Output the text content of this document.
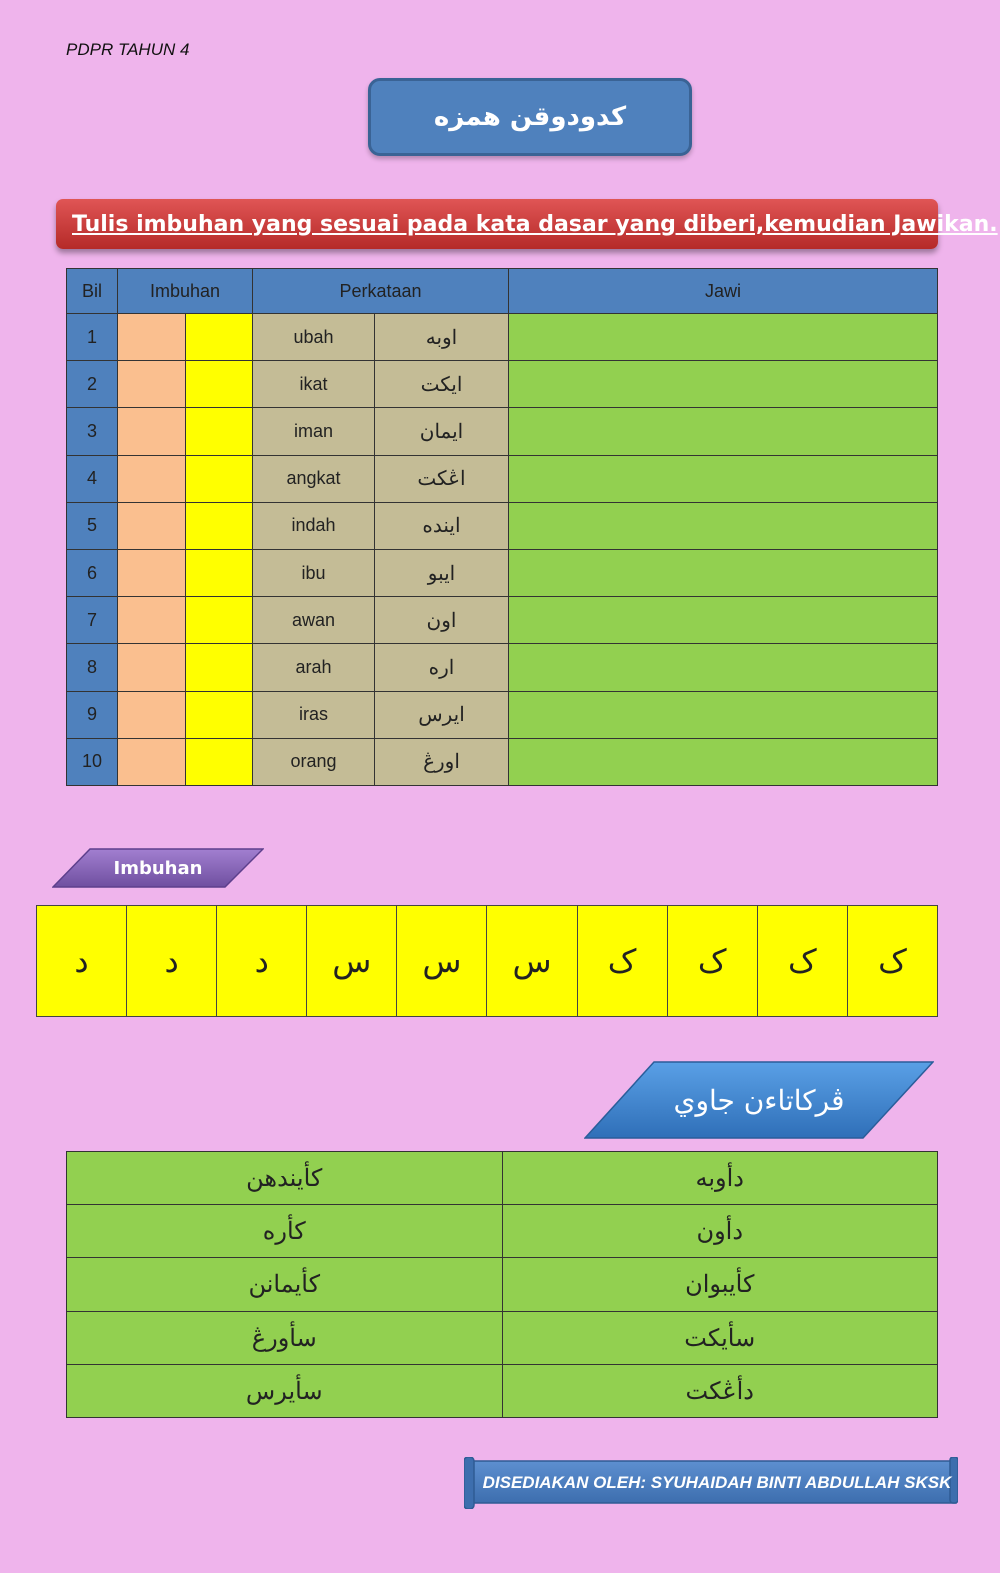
PDPR TAHUN 4
كدودوقن همزه
Tulis imbuhan yang sesuai pada kata dasar yang diberi,kemudian Jawikan.
Bil	Imbuhan		Perkataan		Jawi
1			ubah	اوبه	
2			ikat	ايكت	
3			iman	ايمان	
4			angkat	اڠكت	
5			indah	ايندە	
6			ibu	ايبو	
7			awan	اون	
8			arah	اره	
9			iras	ايرس	
10			orang	اورڠ	
Imbuhan
د	د	د	س	س	س	ک	ک	ک	ک
ڤركاتاءن جاوي
كأيندهن	دأوبه
كأره	دأون
كأيمانن	كأيبوان
سأورڠ	سأيكت
سأيرس	دأڠكت
DISEDIAKAN OLEH: SYUHAIDAH BINTI ABDULLAH SKSK
